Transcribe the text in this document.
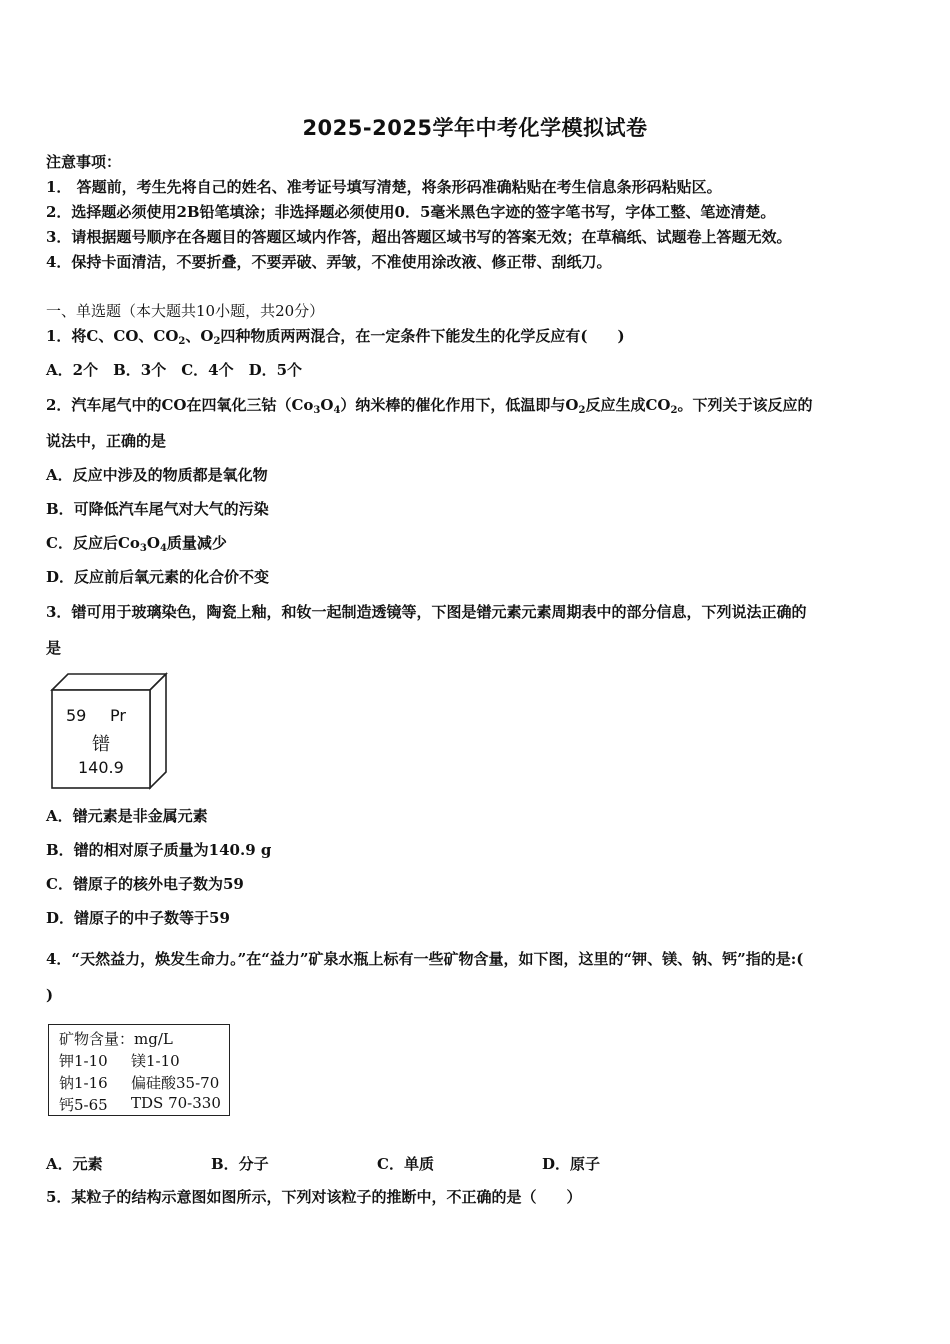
2025-2025学年中考化学模拟试卷
注意事项：
1． 答题前，考生先将自己的姓名、准考证号填写清楚，将条形码准确粘贴在考生信息条形码粘贴区。
2．选择题必须使用2B铅笔填涂；非选择题必须使用0．5毫米黑色字迹的签字笔书写，字体工整、笔迹清楚。
3．请根据题号顺序在各题目的答题区域内作答，超出答题区域书写的答案无效；在草稿纸、试题卷上答题无效。
4．保持卡面清洁，不要折叠，不要弄破、弄皱，不准使用涂改液、修正带、刮纸刀。
一、单选题（本大题共10小题，共20分）
1．将C、CO、$CO_2$、$O_2$四种物质两两混合，在一定条件下能发生的化学反应有(　　)
A．2个　B．3个　C．4个　D．5个
2．汽车尾气中的CO在四氧化三钴$(Co_3O_4)$纳米棒的催化作用下，低温即与$O_2$反应生成$CO_2$。下列关于该反应的
说法中，正确的是
A．反应中涉及的物质都是氧化物
B．可降低汽车尾气对大气的污染
C．反应后$Co_3O_4$质量减少
D．反应前后氧元素的化合价不变
3．镨可用于玻璃染色，陶瓷上釉，和钕一起制造透镜等，下图是镨元素元素周期表中的部分信息，下列说法正确的
是
59 Pr
镨
140.9
A．镨元素是非金属元素
B．镨的相对原子质量为140.9 g
C．镨原子的核外电子数为59
D．镨原子的中子数等于59
4．“天然益力，焕发生命力。”在“益力”矿泉水瓶上标有一些矿物含量，如下图，这里的“钾、镁、钠、钙”指的是:(
)
矿物含量：mg/L
钾1-10 镁1-10
钠1-16 偏硅酸35-70
钙5-65 TDS 70-330
A．元素	B．分子	C．单质	D．原子
5．某粒子的结构示意图如图所示，下列对该粒子的推断中，不正确的是（　　）
